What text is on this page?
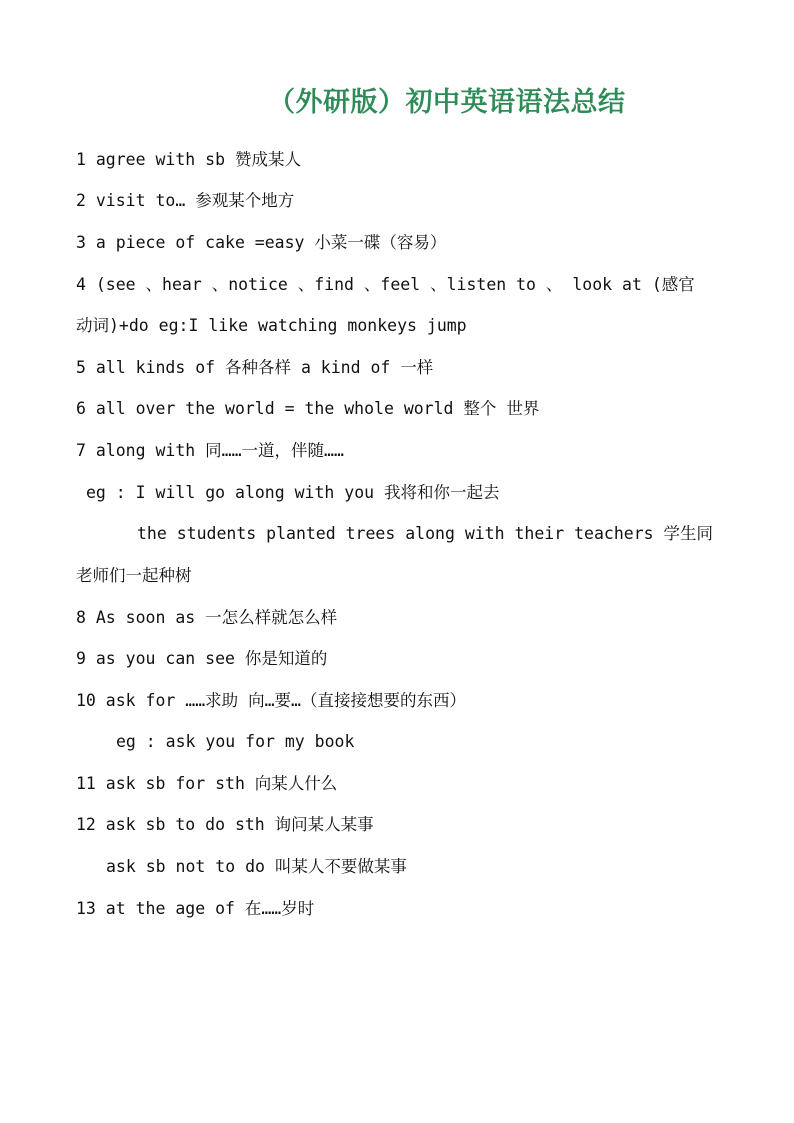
（外研版）初中英语语法总结
1 agree with sb 赞成某人
2 visit to… 参观某个地方
3 a piece of cake =easy 小菜一碟（容易）
4 (see 、hear 、notice 、find 、feel 、listen to 、 look at (感官
动词)+do eg:I like watching monkeys jump
5 all kinds of 各种各样 a kind of 一样
6 all over the world = the whole world 整个 世界
7 along with 同……一道，伴随……
eg : I will go along with you 我将和你一起去
the students planted trees along with their teachers 学生同
老师们一起种树
8 As soon as 一怎么样就怎么样
9 as you can see 你是知道的
10 ask for ……求助 向…要…（直接接想要的东西）
eg : ask you for my book
11 ask sb for sth 向某人什么
12 ask sb to do sth 询问某人某事
ask sb not to do 叫某人不要做某事
13 at the age of 在……岁时
